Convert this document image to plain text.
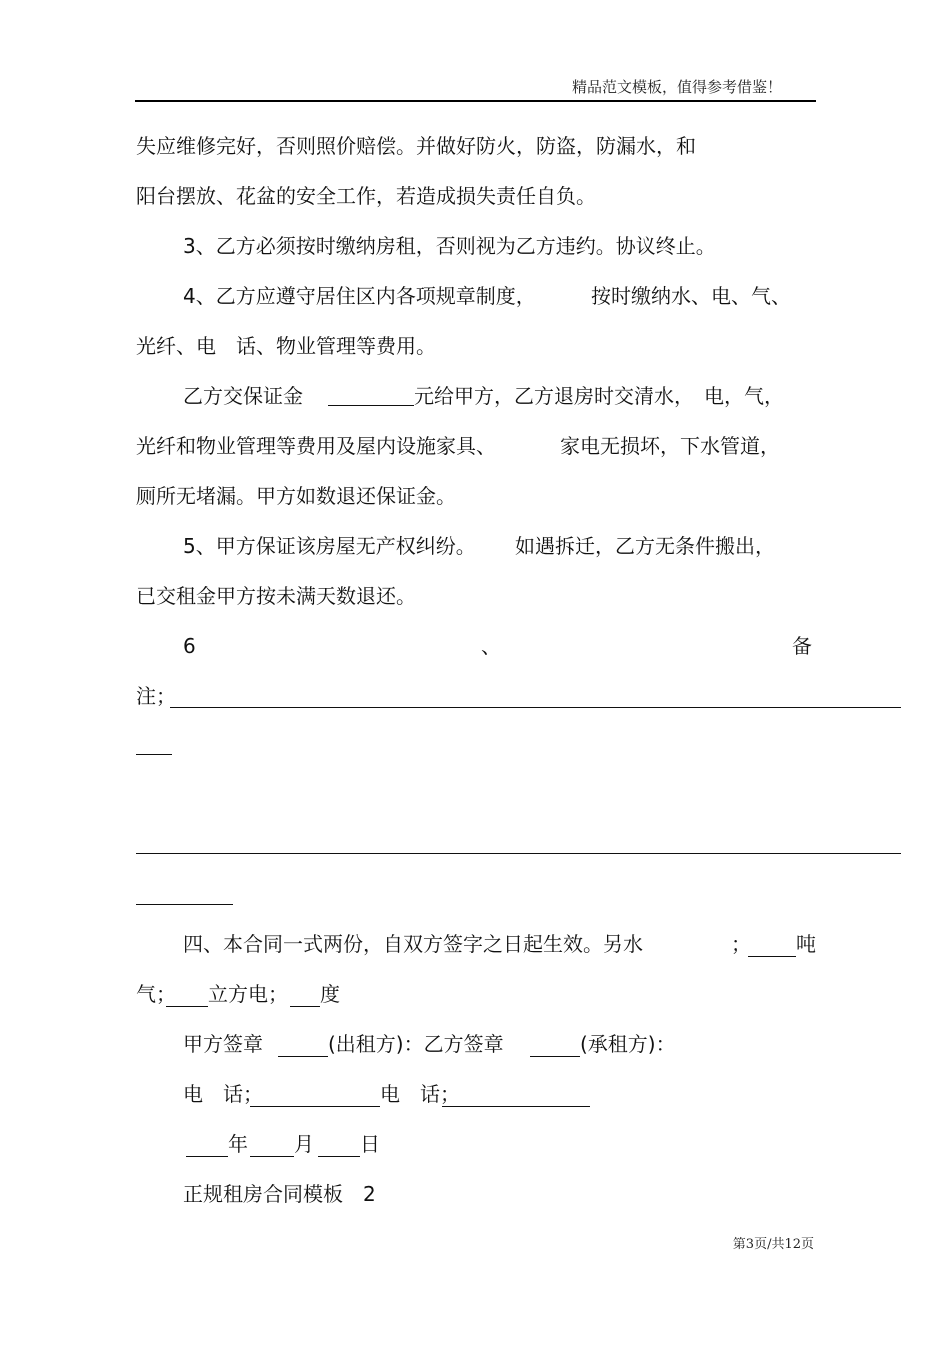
精品范文模板，值得参考借鉴！
失应维修完好，否则照价赔偿。并做好防火，防盗，防漏水，和
阳台摆放、花盆的安全工作，若造成损失责任自负。
3、乙方必须按时缴纳房租，否则视为乙方违约。协议终止。
4、乙方应遵守居住区内各项规章制度，	按时缴纳水、电、气、
光纤、电　话、物业管理等费用。
乙方交保证金	元给甲方，乙方退房时交清水，　电，气，
光纤和物业管理等费用及屋内设施家具、	家电无损坏，下水管道，
厕所无堵漏。甲方如数退还保证金。
5、甲方保证该房屋无产权纠纷。 如遇拆迁，乙方无条件搬出，
已交租金甲方按未满天数退还。
6	、	备
注；
四、本合同一式两份，自双方签字之日起生效。另水	； 吨
气； 立方电； 度
甲方签章	(出租方)：乙方签章	(承租方)：
电　话；	电　话；
年 月 日
正规租房合同模板　2
第3页/共12页
